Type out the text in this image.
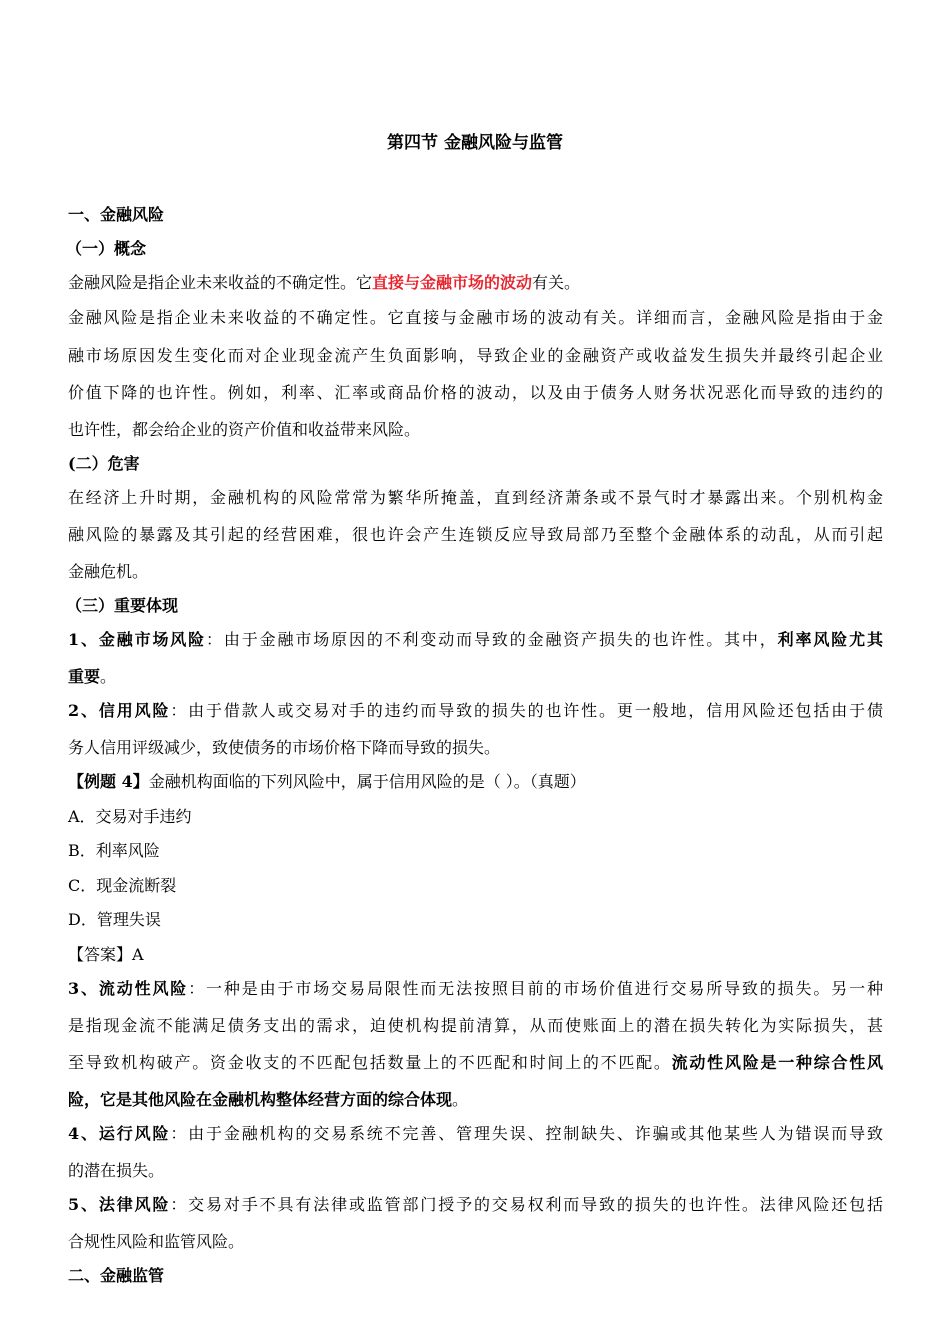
第四节 金融风险与监管
一、金融风险
（一）概念
金融风险是指企业未来收益的不确定性。它直接与金融市场的波动有关。
金融风险是指企业未来收益的不确定性。它直接与金融市场的波动有关。详细而言，金融风险是指由于金
融市场原因发生变化而对企业现金流产生负面影响，导致企业的金融资产或收益发生损失并最终引起企业
价值下降的也许性。例如，利率、汇率或商品价格的波动，以及由于债务人财务状况恶化而导致的违约的
也许性，都会给企业的资产价值和收益带来风险。
(二）危害
在经济上升时期，金融机构的风险常常为繁华所掩盖，直到经济萧条或不景气时才暴露出来。个别机构金
融风险的暴露及其引起的经营困难，很也许会产生连锁反应导致局部乃至整个金融体系的动乱，从而引起
金融危机。
（三）重要体现
1、金融市场风险：由于金融市场原因的不利变动而导致的金融资产损失的也许性。其中，利率风险尤其
重要。
2、信用风险：由于借款人或交易对手的违约而导致的损失的也许性。更一般地，信用风险还包括由于债
务人信用评级减少，致使债务的市场价格下降而导致的损失。
【例题 4】金融机构面临的下列风险中，属于信用风险的是（ ）。（真题）
A．交易对手违约
B．利率风险
C．现金流断裂
D．管理失误
【答案】A
3、流动性风险：一种是由于市场交易局限性而无法按照目前的市场价值进行交易所导致的损失。另一种
是指现金流不能满足债务支出的需求，迫使机构提前清算，从而使账面上的潜在损失转化为实际损失，甚
至导致机构破产。资金收支的不匹配包括数量上的不匹配和时间上的不匹配。流动性风险是一种综合性风
险，它是其他风险在金融机构整体经营方面的综合体现。
4、运行风险：由于金融机构的交易系统不完善、管理失误、控制缺失、诈骗或其他某些人为错误而导致
的潜在损失。
5、法律风险：交易对手不具有法律或监管部门授予的交易权利而导致的损失的也许性。法律风险还包括
合规性风险和监管风险。
二、金融监管
